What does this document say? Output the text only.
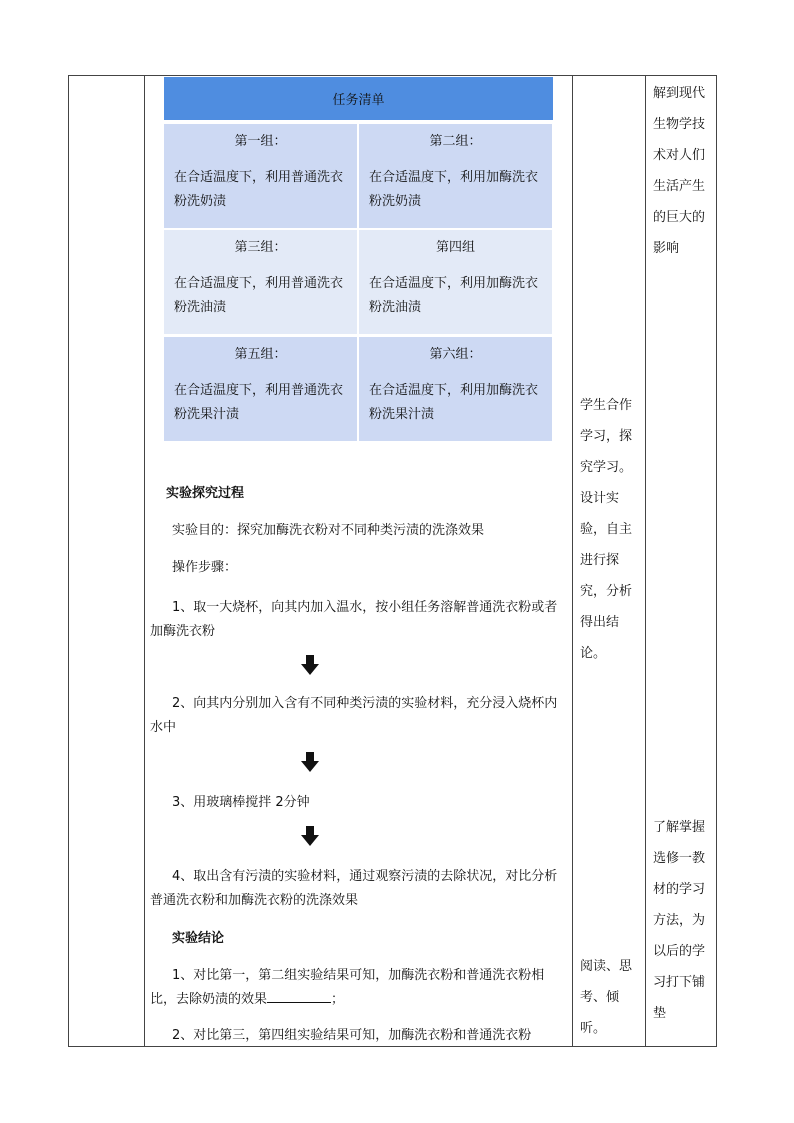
任务清单
第一组：
在合适温度下，利用普通洗衣粉洗奶渍
第二组：
在合适温度下，利用加酶洗衣粉洗奶渍
第三组：
在合适温度下，利用普通洗衣粉洗油渍
第四组
在合适温度下，利用加酶洗衣粉洗油渍
第五组：
在合适温度下，利用普通洗衣粉洗果汁渍
第六组：
在合适温度下，利用加酶洗衣粉洗果汁渍
实验探究过程
实验目的：探究加酶洗衣粉对不同种类污渍的洗涤效果
操作步骤：
1、取一大烧杯，向其内加入温水，按小组任务溶解普通洗衣粉或者加酶洗衣粉
2、向其内分别加入含有不同种类污渍的实验材料，充分浸入烧杯内水中
3、用玻璃棒搅拌 2分钟
4、取出含有污渍的实验材料，通过观察污渍的去除状况，对比分析普通洗衣粉和加酶洗衣粉的洗涤效果
实验结论
1、对比第一，第二组实验结果可知，加酶洗衣粉和普通洗衣粉相比，去除奶渍的效果	；
2、对比第三，第四组实验结果可知，加酶洗衣粉和普通洗衣粉
学生合作
学习，探
究学习。
设计实
验，自主
进行探
究，分析
得出结
论。
阅读、思
考、倾
听。
解到现代
生物学技
术对人们
生活产生
的巨大的
影响
了解掌握
选修一教
材的学习
方法，为
以后的学
习打下铺
垫
